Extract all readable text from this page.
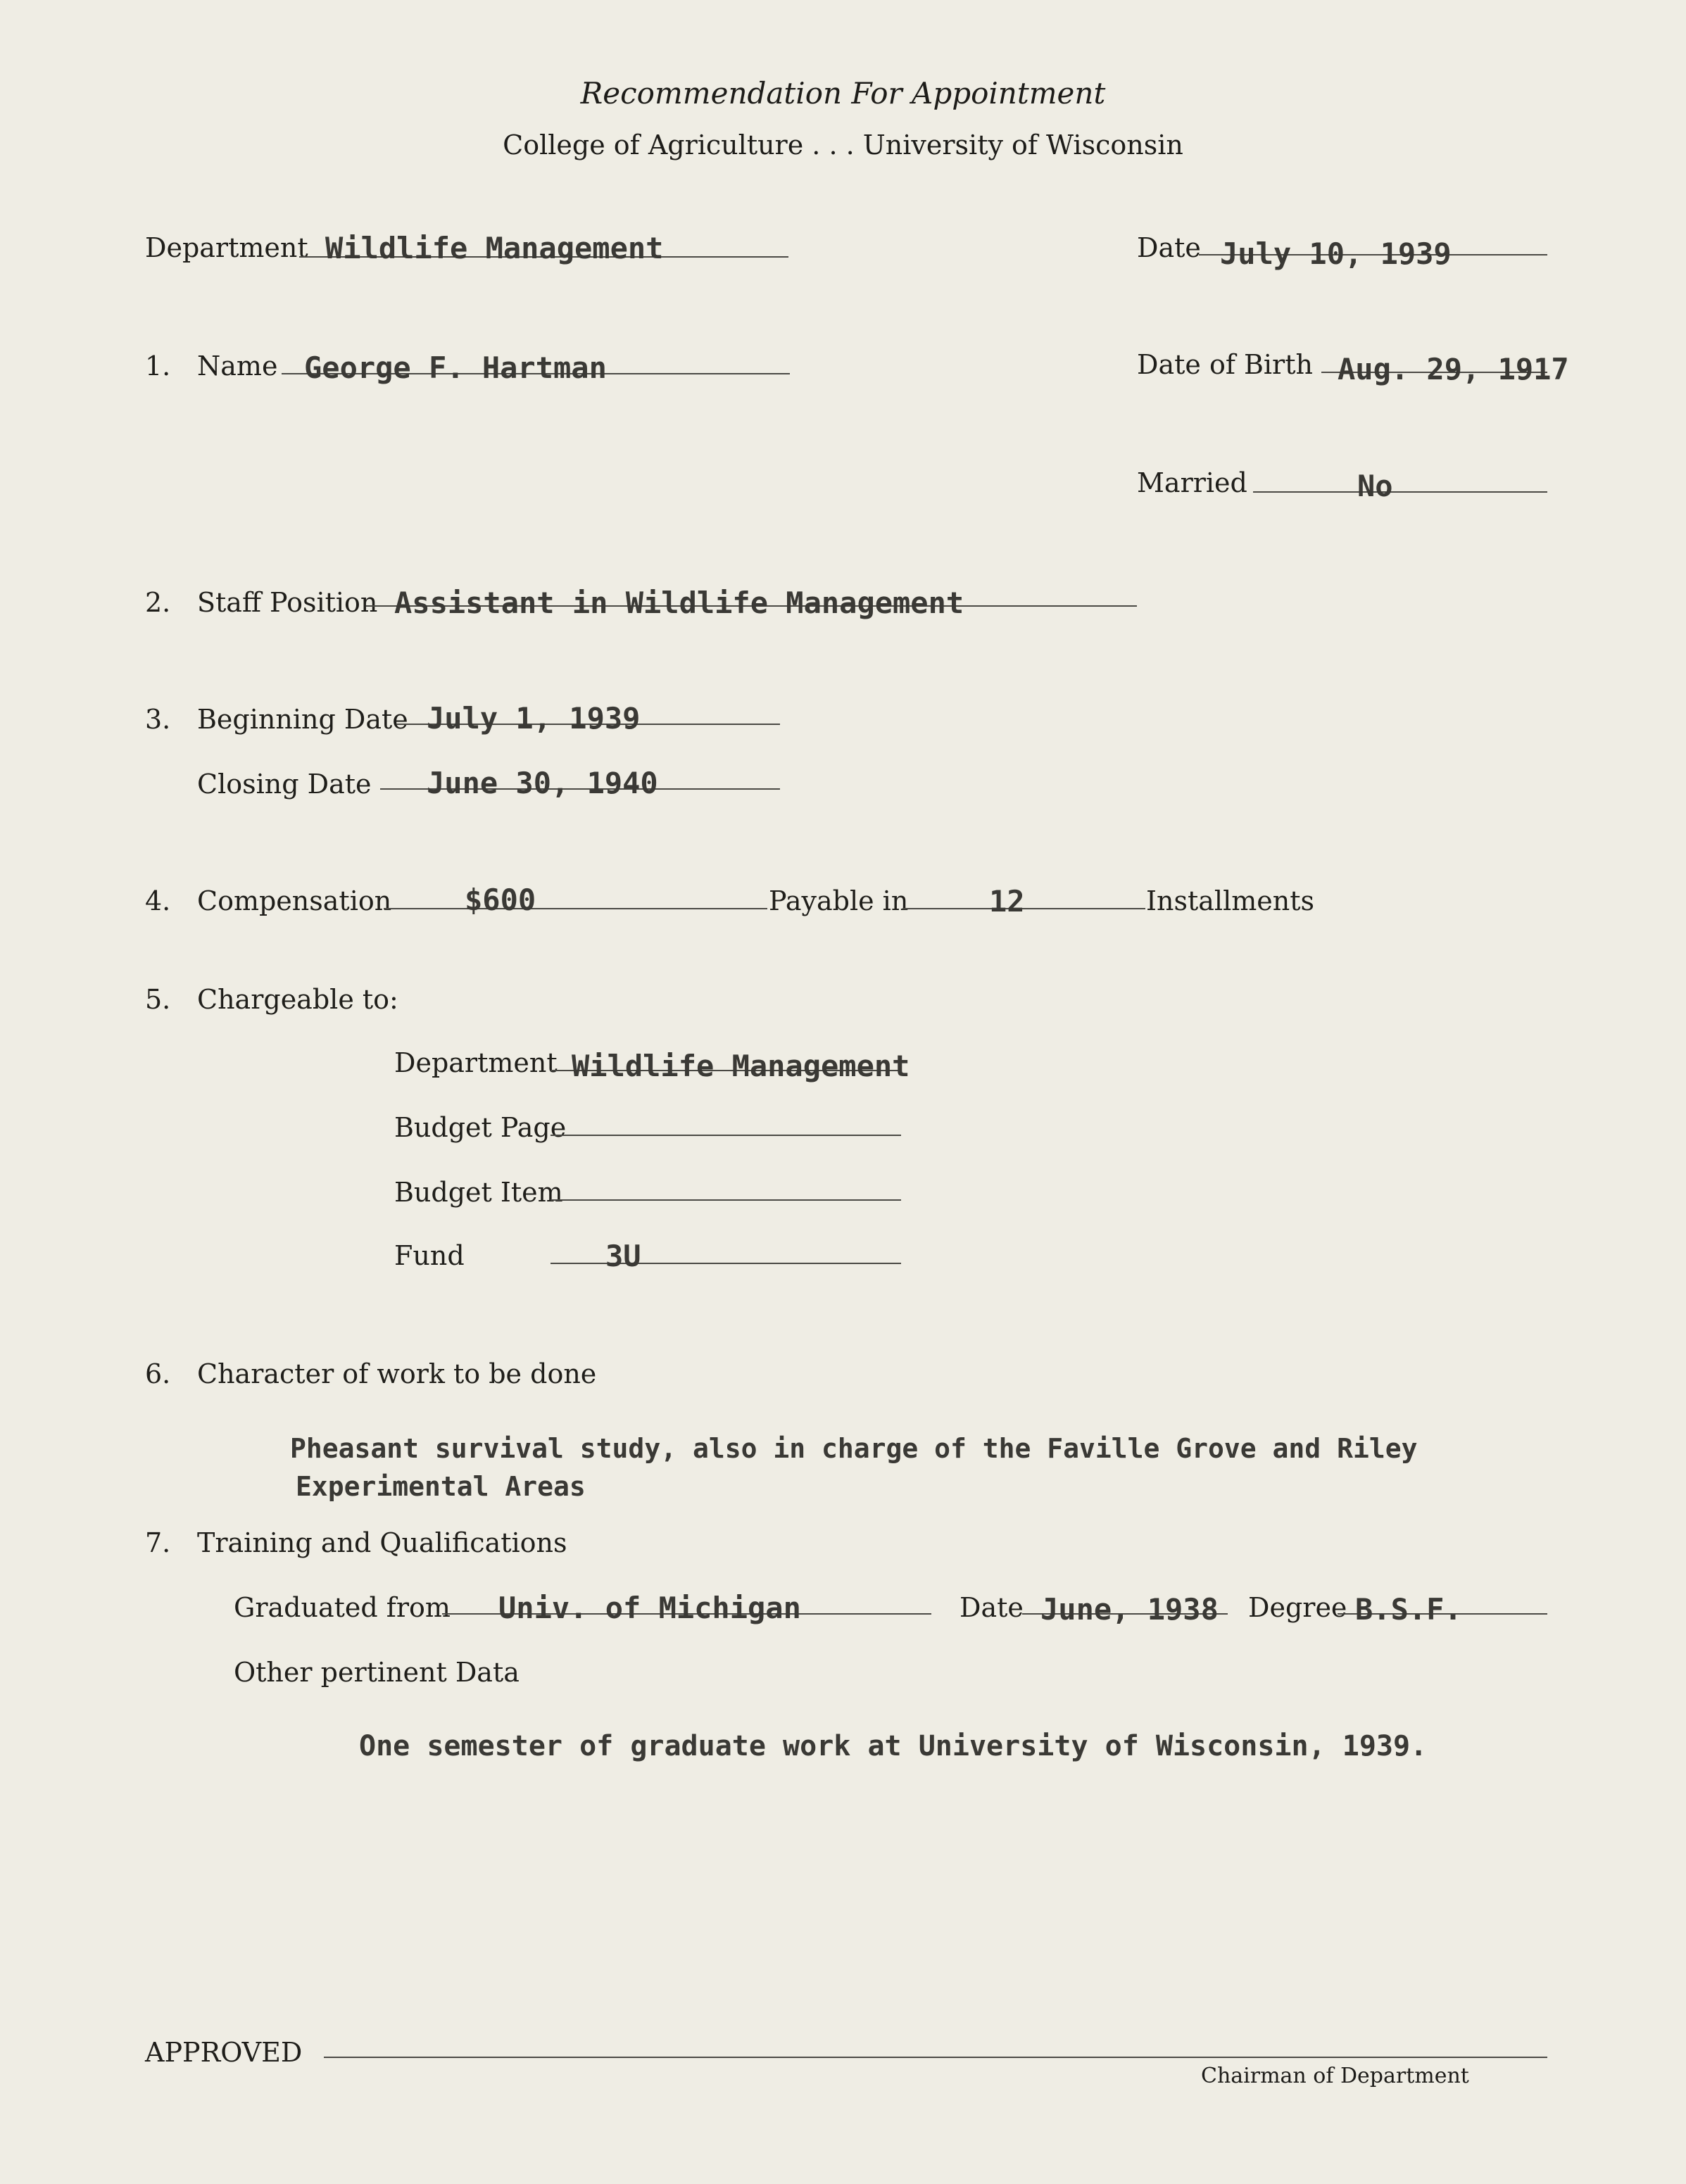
Recommendation For Appointment
College of Agriculture . . . University of Wisconsin
Department Wildlife Management	Date July 10, 1939
1. Name George F. Hartman	Date of Birth Aug. 29, 1917
Married	No
2. Staff Position Assistant in Wildlife Management
3. Beginning Date July 1, 1939
Closing Date June 30, 1940
4. Compensation $600	Payable in	12	Installments
5. Chargeable to:
Department Wildlife Management
Budget Page
Budget Item
Fund	3U
6. Character of work to be done
Pheasant survival study, also in charge of the Faville Grove and Riley
Experimental Areas
7. Training and Qualifications
Graduated from Univ. of Michigan	Date June, 1938 Degree B.S.F.
Other pertinent Data
One semester of graduate work at University of Wisconsin, 1939.
APPROVED
Chairman of Department
